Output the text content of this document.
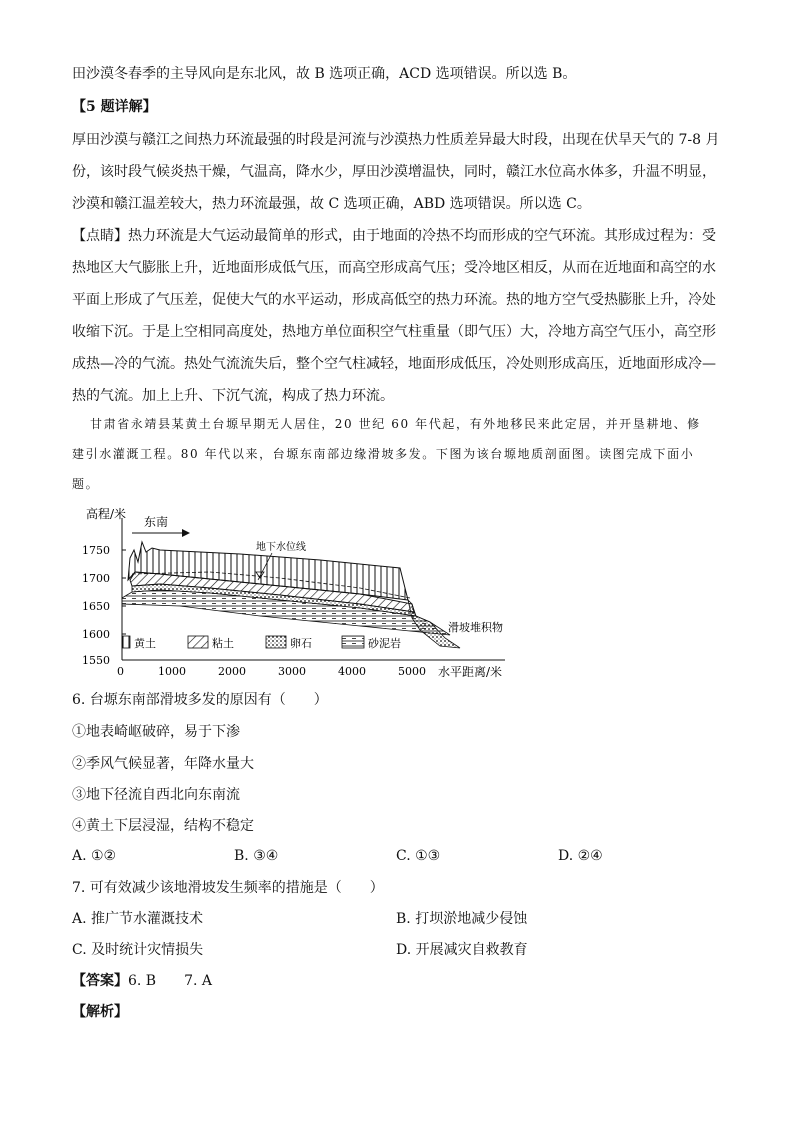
田沙漠冬春季的主导风向是东北风，故 B 选项正确，ACD 选项错误。所以选 B。
【5 题详解】
厚田沙漠与赣江之间热力环流最强的时段是河流与沙漠热力性质差异最大时段，出现在伏旱天气的 7-8 月
份，该时段气候炎热干燥，气温高，降水少，厚田沙漠增温快，同时，赣江水位高水体多，升温不明显，
沙漠和赣江温差较大，热力环流最强，故 C 选项正确，ABD 选项错误。所以选 C。
【点睛】热力环流是大气运动最简单的形式，由于地面的冷热不均而形成的空气环流。其形成过程为：受
热地区大气膨胀上升，近地面形成低气压，而高空形成高气压；受冷地区相反，从而在近地面和高空的水
平面上形成了气压差，促使大气的水平运动，形成高低空的热力环流。热的地方空气受热膨胀上升，冷处
收缩下沉。于是上空相同高度处，热地方单位面积空气柱重量（即气压）大，冷地方高空气压小，高空形
成热—冷的气流。热处气流流失后，整个空气柱减轻，地面形成低压，冷处则形成高压，近地面形成冷—
热的气流。加上上升、下沉气流，构成了热力环流。
甘肃省永靖县某黄土台塬早期无人居住，20 世纪 60 年代起，有外地移民来此定居，并开垦耕地、修
建引水灌溉工程。80 年代以来，台塬东南部边缘滑坡多发。下图为该台塬地质剖面图。读图完成下面小
题。
1750
1700
1650
1600
1550
0	1000	2000	3000	4000	5000
高程/米
水平距离/米
东南
地下水位线
滑坡堆积物
黄土	粘土	卵石	砂泥岩
6. 台塬东南部滑坡多发的原因有（　　）
①地表崎岖破碎，易于下渗
②季风气候显著，年降水量大
③地下径流自西北向东南流
④黄土下层浸湿，结构不稳定
A. ①②	B. ③④	C. ①③	D. ②④
7. 可有效减少该地滑坡发生频率的措施是（　　）
A. 推广节水灌溉技术	B. 打坝淤地减少侵蚀
C. 及时统计灾情损失	D. 开展减灾自救教育
【答案】6. B　　7. A
【解析】
